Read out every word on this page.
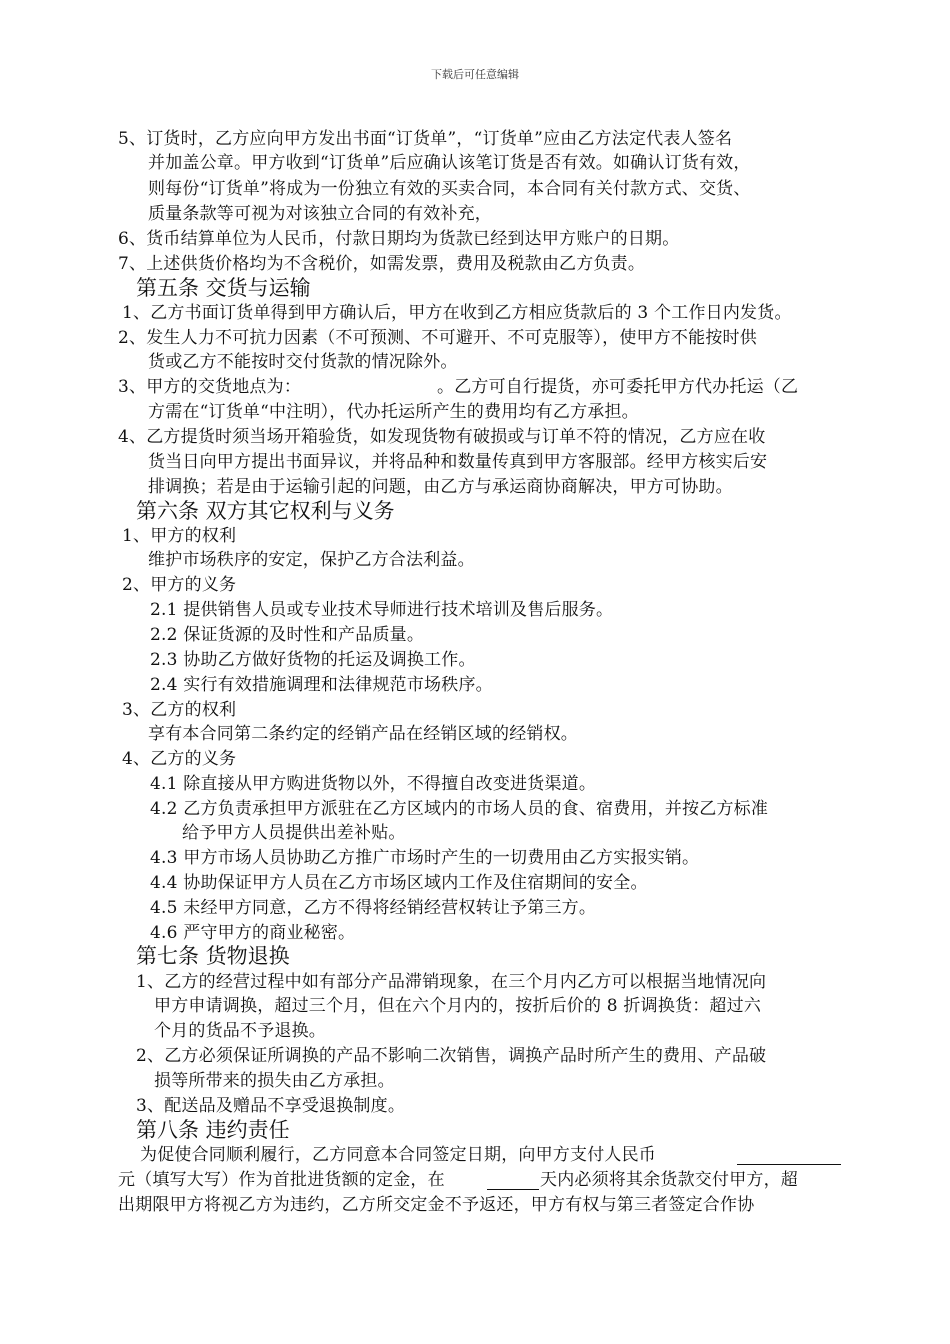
下载后可任意编辑
5、订货时，乙方应向甲方发出书面“订货单”，“订货单”应由乙方法定代表人签名
并加盖公章。甲方收到“订货单”后应确认该笔订货是否有效。如确认订货有效，
则每份“订货单”将成为一份独立有效的买卖合同，本合同有关付款方式、交货、
质量条款等可视为对该独立合同的有效补充，
6、货币结算单位为人民币，付款日期均为货款已经到达甲方账户的日期。
7、上述供货价格均为不含税价，如需发票，费用及税款由乙方负责。
第五条 交货与运输
1、乙方书面订货单得到甲方确认后，甲方在收到乙方相应货款后的 3 个工作日内发货。
2、发生人力不可抗力因素（不可预测、不可避开、不可克服等），使甲方不能按时供
货或乙方不能按时交付货款的情况除外。
3、甲方的交货地点为：	。乙方可自行提货，亦可委托甲方代办托运（乙
方需在“订货单“中注明），代办托运所产生的费用均有乙方承担。
4、乙方提货时须当场开箱验货，如发现货物有破损或与订单不符的情况，乙方应在收
货当日向甲方提出书面异议，并将品种和数量传真到甲方客服部。经甲方核实后安
排调换；若是由于运输引起的问题，由乙方与承运商协商解决，甲方可协助。
第六条 双方其它权利与义务
1、甲方的权利
维护市场秩序的安定，保护乙方合法利益。
2、甲方的义务
2.1 提供销售人员或专业技术导师进行技术培训及售后服务。
2.2 保证货源的及时性和产品质量。
2.3 协助乙方做好货物的托运及调换工作。
2.4 实行有效措施调理和法律规范市场秩序。
3、乙方的权利
享有本合同第二条约定的经销产品在经销区域的经销权。
4、乙方的义务
4.1 除直接从甲方购进货物以外，不得擅自改变进货渠道。
4.2 乙方负责承担甲方派驻在乙方区域内的市场人员的食、宿费用，并按乙方标准
给予甲方人员提供出差补贴。
4.3 甲方市场人员协助乙方推广市场时产生的一切费用由乙方实报实销。
4.4 协助保证甲方人员在乙方市场区域内工作及住宿期间的安全。
4.5 未经甲方同意，乙方不得将经销经营权转让予第三方。
4.6 严守甲方的商业秘密。
第七条 货物退换
1、乙方的经营过程中如有部分产品滞销现象，在三个月内乙方可以根据当地情况向
甲方申请调换，超过三个月，但在六个月内的，按折后价的 8 折调换货：超过六
个月的货品不予退换。
2、乙方必须保证所调换的产品不影响二次销售，调换产品时所产生的费用、产品破
损等所带来的损失由乙方承担。
3、配送品及赠品不享受退换制度。
第八条 违约责任
为促使合同顺利履行，乙方同意本合同签定日期，向甲方支付人民币
元（填写大写）作为首批进货额的定金，在	天内必须将其余货款交付甲方，超
出期限甲方将视乙方为违约，乙方所交定金不予返还，甲方有权与第三者签定合作协
